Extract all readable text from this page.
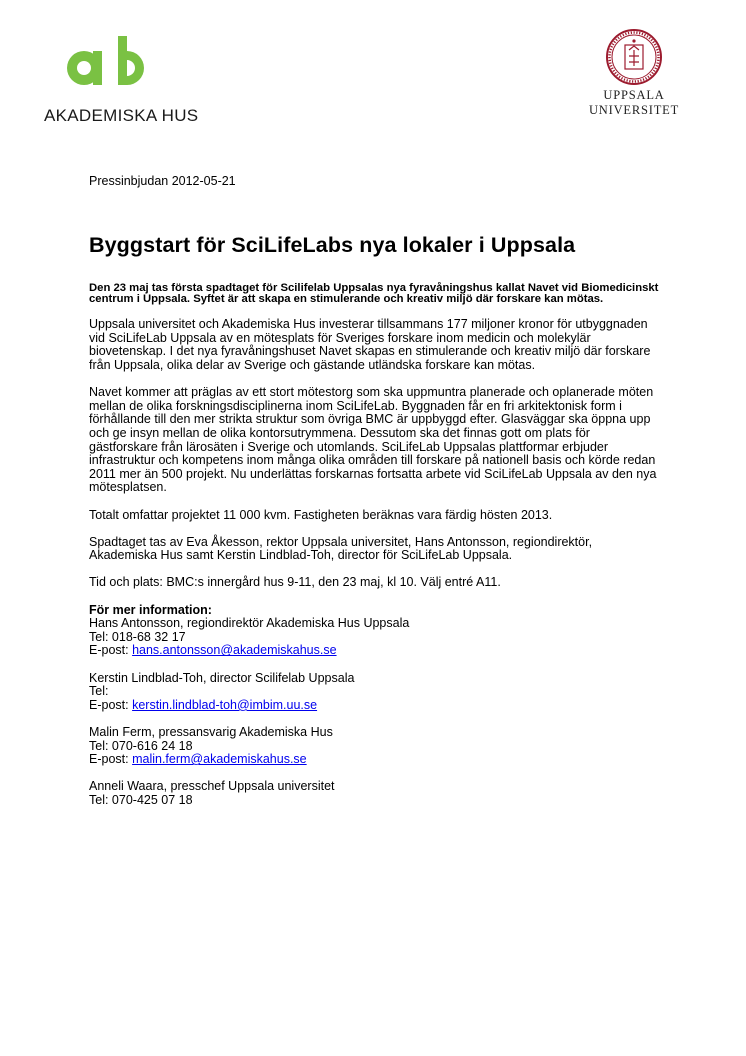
AKADEMISKA HUS
UPPSALA
UNIVERSITET

Pressinbjudan 2012-05-21

Byggstart för SciLifeLabs nya lokaler i Uppsala

Den 23 maj tas första spadtaget för Scilifelab Uppsalas nya fyravåningshus kallat Navet vid Biomedicinskt centrum i Uppsala. Syftet är att skapa en stimulerande och kreativ miljö där forskare kan mötas.

Uppsala universitet och Akademiska Hus investerar tillsammans 177 miljoner kronor för utbyggnaden vid SciLifeLab Uppsala av en mötesplats för Sveriges forskare inom medicin och molekylär biovetenskap. I det nya fyravåningshuset Navet skapas en stimulerande och kreativ miljö där forskare från Uppsala, olika delar av Sverige och gästande utländska forskare kan mötas.

Navet kommer att präglas av ett stort mötestorg som ska uppmuntra planerade och oplanerade möten mellan de olika forskningsdisciplinerna inom SciLifeLab. Byggnaden får en fri arkitektonisk form i förhållande till den mer strikta struktur som övriga BMC är uppbyggd efter. Glasväggar ska öppna upp och ge insyn mellan de olika kontorsutrymmena. Dessutom ska det finnas gott om plats för gästforskare från lärosäten i Sverige och utomlands. SciLifeLab Uppsalas plattformar erbjuder infrastruktur och kompetens inom många olika områden till forskare på nationell basis och körde redan 2011 mer än 500 projekt. Nu underlättas forskarnas fortsatta arbete vid SciLifeLab Uppsala av den nya mötesplatsen.

Totalt omfattar projektet 11 000 kvm. Fastigheten beräknas vara färdig hösten 2013.

Spadtaget tas av Eva Åkesson, rektor Uppsala universitet, Hans Antonsson, regiondirektör, Akademiska Hus samt Kerstin Lindblad-Toh, director för SciLifeLab Uppsala.

Tid och plats: BMC:s innergård hus 9-11, den 23 maj, kl 10. Välj entré A11.

För mer information:
Hans Antonsson, regiondirektör Akademiska Hus Uppsala
Tel: 018-68 32 17
E-post: hans.antonsson@akademiskahus.se
Kerstin Lindblad-Toh, director Scilifelab Uppsala
Tel:
E-post: kerstin.lindblad-toh@imbim.uu.se
Malin Ferm, pressansvarig Akademiska Hus
Tel: 070-616 24 18
E-post: malin.ferm@akademiskahus.se
Anneli Waara, presschef Uppsala universitet
Tel: 070-425 07 18
